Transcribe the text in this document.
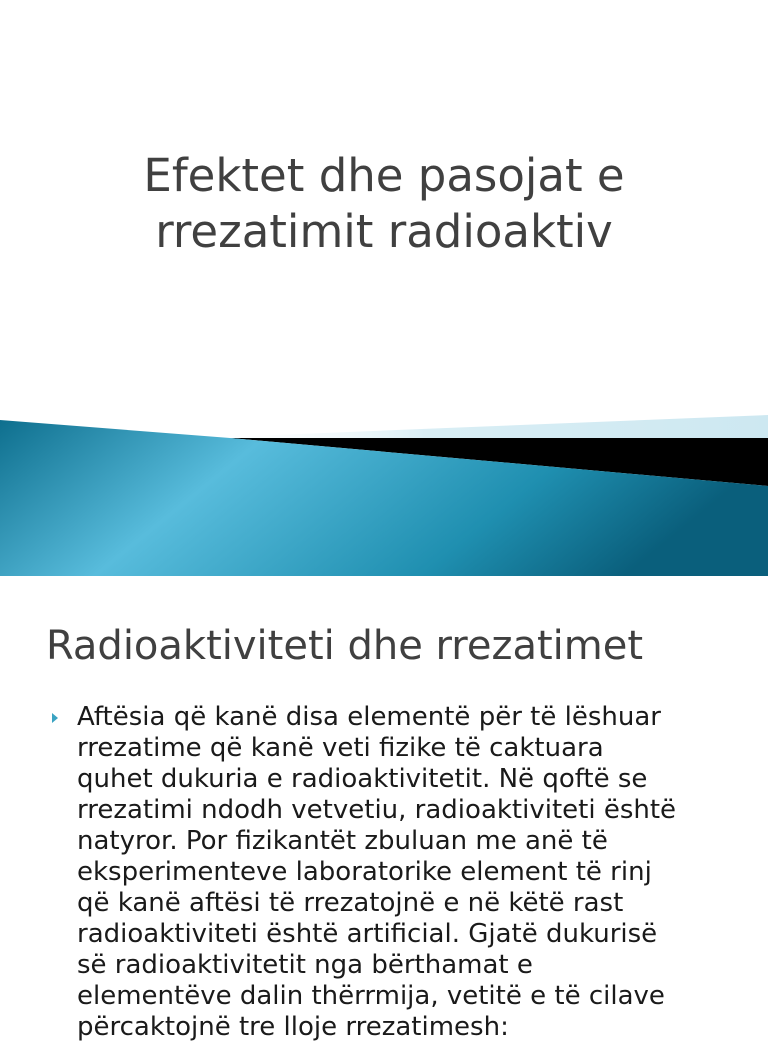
Efektet dhe pasojat e
rrezatimit radioaktiv
Radioaktiviteti dhe rrezatimet
Aftësia që kanë disa elementë për të lëshuar
rrezatime që kanë veti fizike të caktuara
quhet dukuria e radioaktivitetit. Në qoftë se
rrezatimi ndodh vetvetiu, radioaktiviteti është
natyror. Por fizikantët zbuluan me anë të
eksperimenteve laboratorike element të rinj
që kanë aftësi të rrezatojnë e në këtë rast
radioaktiviteti është artificial. Gjatë dukurisë
së radioaktivitetit nga bërthamat e
elementëve dalin thërrmija, vetitë e të cilave
përcaktojnë tre lloje rrezatimesh:
